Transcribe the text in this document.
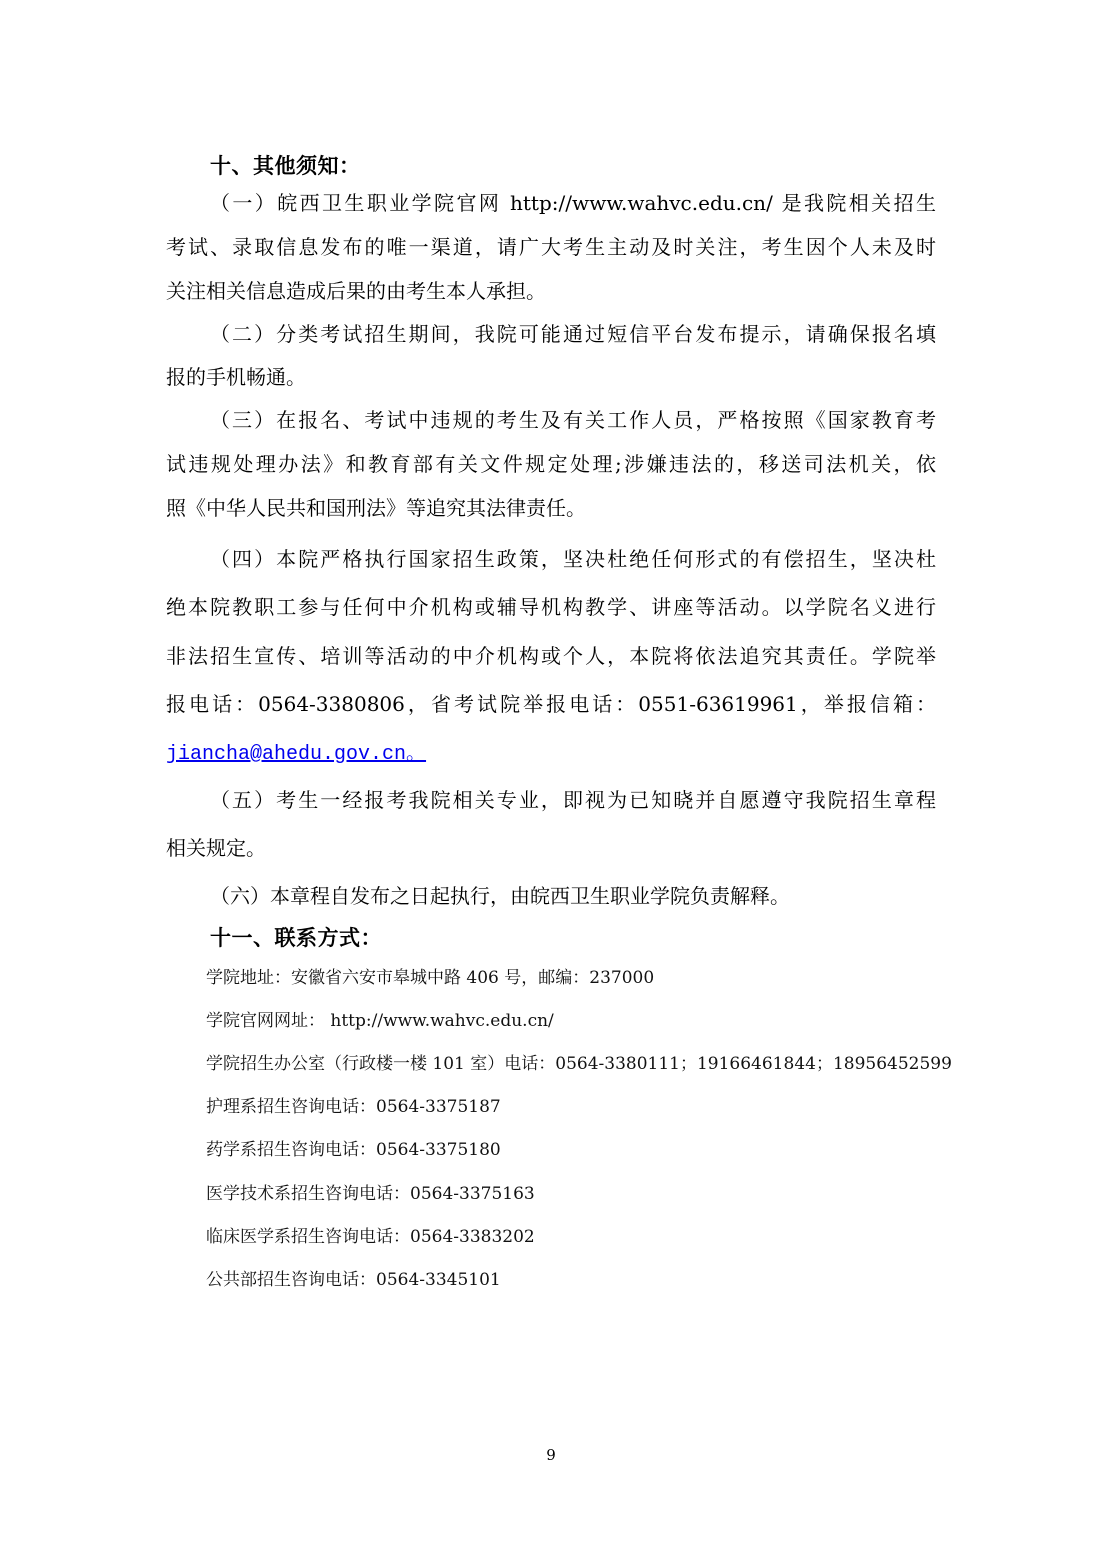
十、其他须知：
（一）皖西卫生职业学院官网 http://www.wahvc.edu.cn/ 是我院相关招生
考试、录取信息发布的唯一渠道，请广大考生主动及时关注，考生因个人未及时
关注相关信息造成后果的由考生本人承担。
（二）分类考试招生期间，我院可能通过短信平台发布提示，请确保报名填
报的手机畅通。
（三）在报名、考试中违规的考生及有关工作人员，严格按照《国家教育考
试违规处理办法》和教育部有关文件规定处理;涉嫌违法的，移送司法机关，依
照《中华人民共和国刑法》等追究其法律责任。
（四）本院严格执行国家招生政策，坚决杜绝任何形式的有偿招生，坚决杜
绝本院教职工参与任何中介机构或辅导机构教学、讲座等活动。以学院名义进行
非法招生宣传、培训等活动的中介机构或个人，本院将依法追究其责任。学院举
报电话：0564-3380806，省考试院举报电话：0551-63619961，举报信箱：
jiancha@ahedu.gov.cn。
（五）考生一经报考我院相关专业，即视为已知晓并自愿遵守我院招生章程
相关规定。
（六）本章程自发布之日起执行，由皖西卫生职业学院负责解释。
十一、联系方式：
学院地址：安徽省六安市皋城中路 406 号，邮编：237000
学院官网网址： http://www.wahvc.edu.cn/
学院招生办公室（行政楼一楼 101 室）电话：0564-3380111；19166461844；18956452599
护理系招生咨询电话：0564-3375187
药学系招生咨询电话：0564-3375180
医学技术系招生咨询电话：0564-3375163
临床医学系招生咨询电话：0564-3383202
公共部招生咨询电话：0564-3345101
9
